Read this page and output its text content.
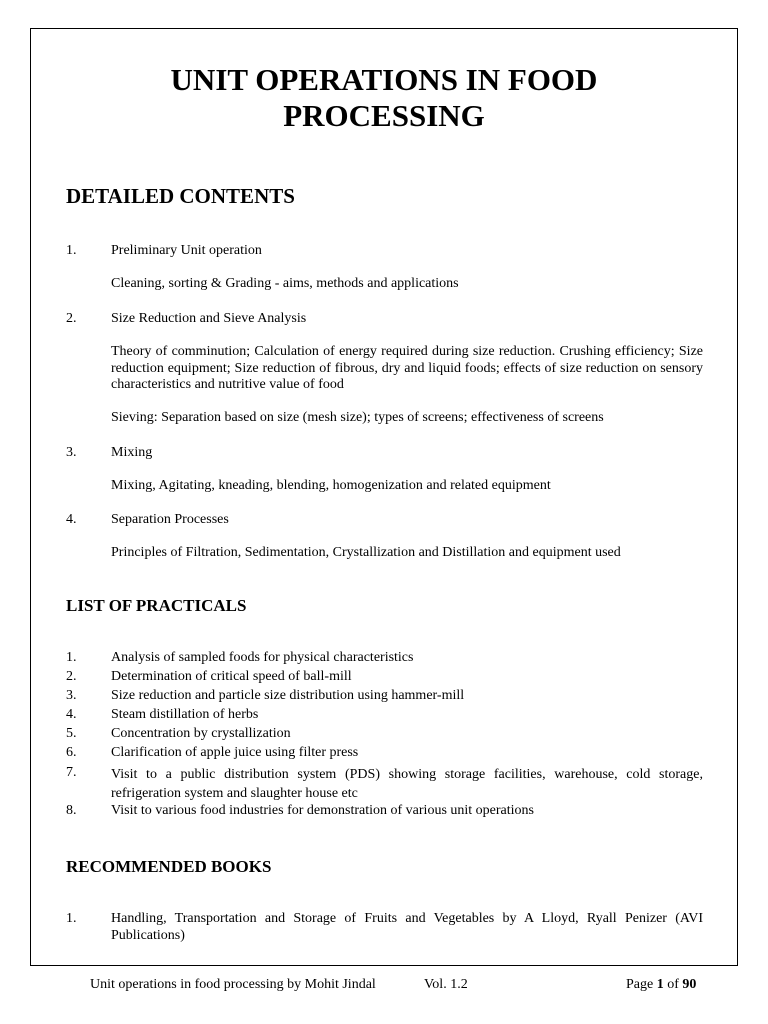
UNIT OPERATIONS IN FOOD
PROCESSING
DETAILED CONTENTS
1. Preliminary Unit operation
Cleaning, sorting & Grading - aims, methods and applications
2. Size Reduction and Sieve Analysis
Theory of comminution; Calculation of energy required during size reduction. Crushing efficiency; Size reduction equipment; Size reduction of fibrous, dry and liquid foods; effects of size reduction on sensory characteristics and nutritive value of food
Sieving: Separation based on size (mesh size); types of screens; effectiveness of screens
3. Mixing
Mixing, Agitating, kneading, blending, homogenization and related equipment
4. Separation Processes
Principles of Filtration, Sedimentation, Crystallization and Distillation and equipment used
LIST OF PRACTICALS
1. Analysis of sampled foods for physical characteristics
2. Determination of critical speed of ball-mill
3. Size reduction and particle size distribution using hammer-mill
4. Steam distillation of herbs
5. Concentration by crystallization
6. Clarification of apple juice using filter press
7. Visit to a public distribution system (PDS) showing storage facilities, warehouse, cold storage, refrigeration system and slaughter house etc
8. Visit to various food industries for demonstration of various unit operations
RECOMMENDED BOOKS
1. Handling, Transportation and Storage of Fruits and Vegetables by A Lloyd, Ryall Penizer (AVI Publications)
Unit operations in food processing by Mohit Jindal	Vol. 1.2	Page 1 of 90
